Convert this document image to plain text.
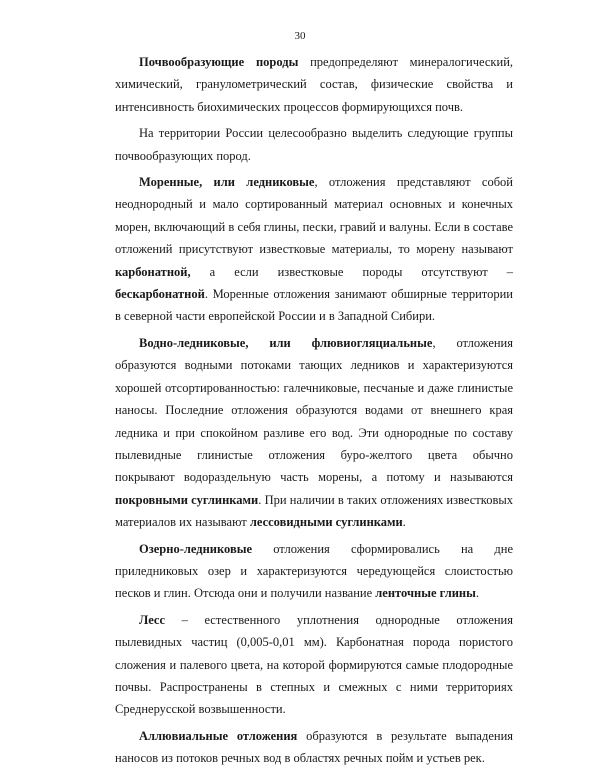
30

Почвообразующие породы предопределяют минералогический, химический, гранулометрический состав, физические свойства и интенсивность биохимических процессов формирующихся почв.

На территории России целесообразно выделить следующие группы почвообразующих пород.

Моренные, или ледниковые, отложения представляют собой неоднородный и мало сортированный материал основных и конечных морен, включающий в себя глины, пески, гравий и валуны. Если в составе отложений присутствуют известковые материалы, то морену называют карбонатной, а если известковые породы отсутствуют – бескарбонатной. Моренные отложения занимают обширные территории в северной части европейской России и в Западной Сибири.

Водно-ледниковые, или флювиогляциальные, отложения образуются водными потоками тающих ледников и характеризуются хорошей отсортированностью: галечниковые, песчаные и даже глинистые наносы. Последние отложения образуются водами от внешнего края ледника и при спокойном разливе его вод. Эти однородные по составу пылевидные глинистые отложения буро-желтого цвета обычно покрывают водораздельную часть морены, а потому и называются покровными суглинками. При наличии в таких отложениях известковых материалов их называют лессовидными суглинками.

Озерно-ледниковые отложения сформировались на дне приледниковых озер и характеризуются чередующейся слоистостью песков и глин. Отсюда они и получили название ленточные глины.

Лесс – естественного уплотнения однородные отложения пылевидных частиц (0,005-0,01 мм). Карбонатная порода пористого сложения и палевого цвета, на которой формируются самые плодородные почвы. Распространены в степных и смежных с ними территориях Среднерусской возвышенности.

Аллювиальные отложения образуются в результате выпадения наносов из потоков речных вод в областях речных пойм и устьев рек.
